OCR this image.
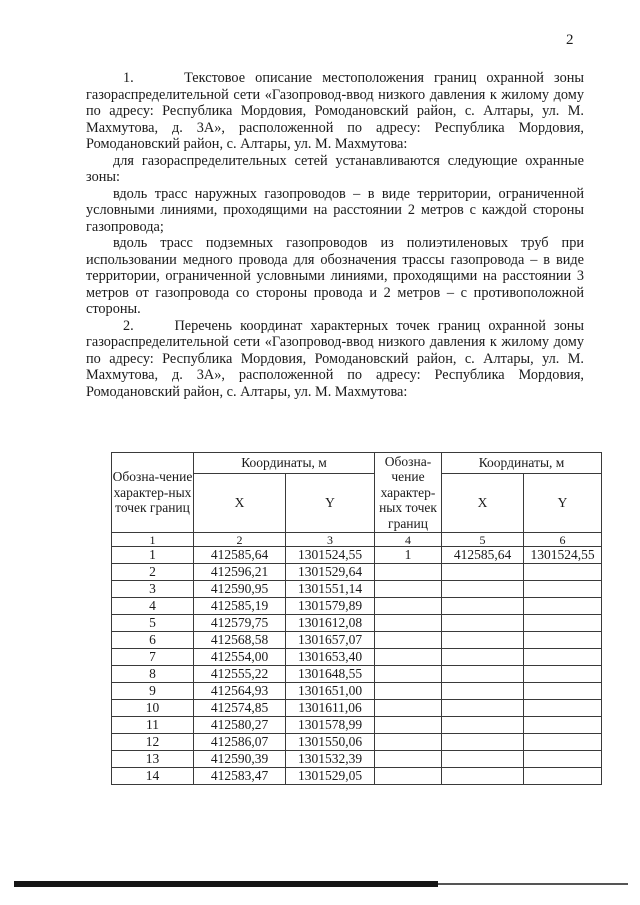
2

1.     Текстовое описание местоположения границ охранной зоны газораспределительной сети «Газопровод-ввод низкого давления к жилому дому по адресу: Республика Мордовия, Ромодановский район, с. Алтары, ул. М. Махмутова, д. 3А», расположенной по адресу: Республика Мордовия, Ромодановский район, с. Алтары, ул. М. Махмутова:

для газораспределительных сетей устанавливаются следующие охранные зоны:

вдоль трасс наружных газопроводов – в виде территории, ограниченной условными линиями, проходящими на расстоянии 2 метров с каждой стороны газопровода;

вдоль трасс подземных газопроводов из полиэтиленовых труб при использовании медного провода для обозначения трассы газопровода – в виде территории, ограниченной условными линиями, проходящими на расстоянии 3 метров от газопровода со стороны провода и 2 метров – с противоположной стороны.

2.     Перечень координат характерных точек границ охранной зоны газораспределительной сети «Газопровод-ввод низкого давления к жилому дому по адресу: Республика Мордовия, Ромодановский район, с. Алтары, ул. М. Махмутова, д. 3А», расположенной по адресу: Республика Мордовия, Ромодановский район, с. Алтары, ул. М. Махмутова:

Обозна-чение характер-ных точек границ	Координаты, м		Обозна-чение характер-ных точек границ	Координаты, м	
	X	Y		X	Y
1	2	3	4	5	6
1	412585,64	1301524,55	1	412585,64	1301524,55
2	412596,21	1301529,64			
3	412590,95	1301551,14			
4	412585,19	1301579,89			
5	412579,75	1301612,08			
6	412568,58	1301657,07			
7	412554,00	1301653,40			
8	412555,22	1301648,55			
9	412564,93	1301651,00			
10	412574,85	1301611,06			
11	412580,27	1301578,99			
12	412586,07	1301550,06			
13	412590,39	1301532,39			
14	412583,47	1301529,05			
